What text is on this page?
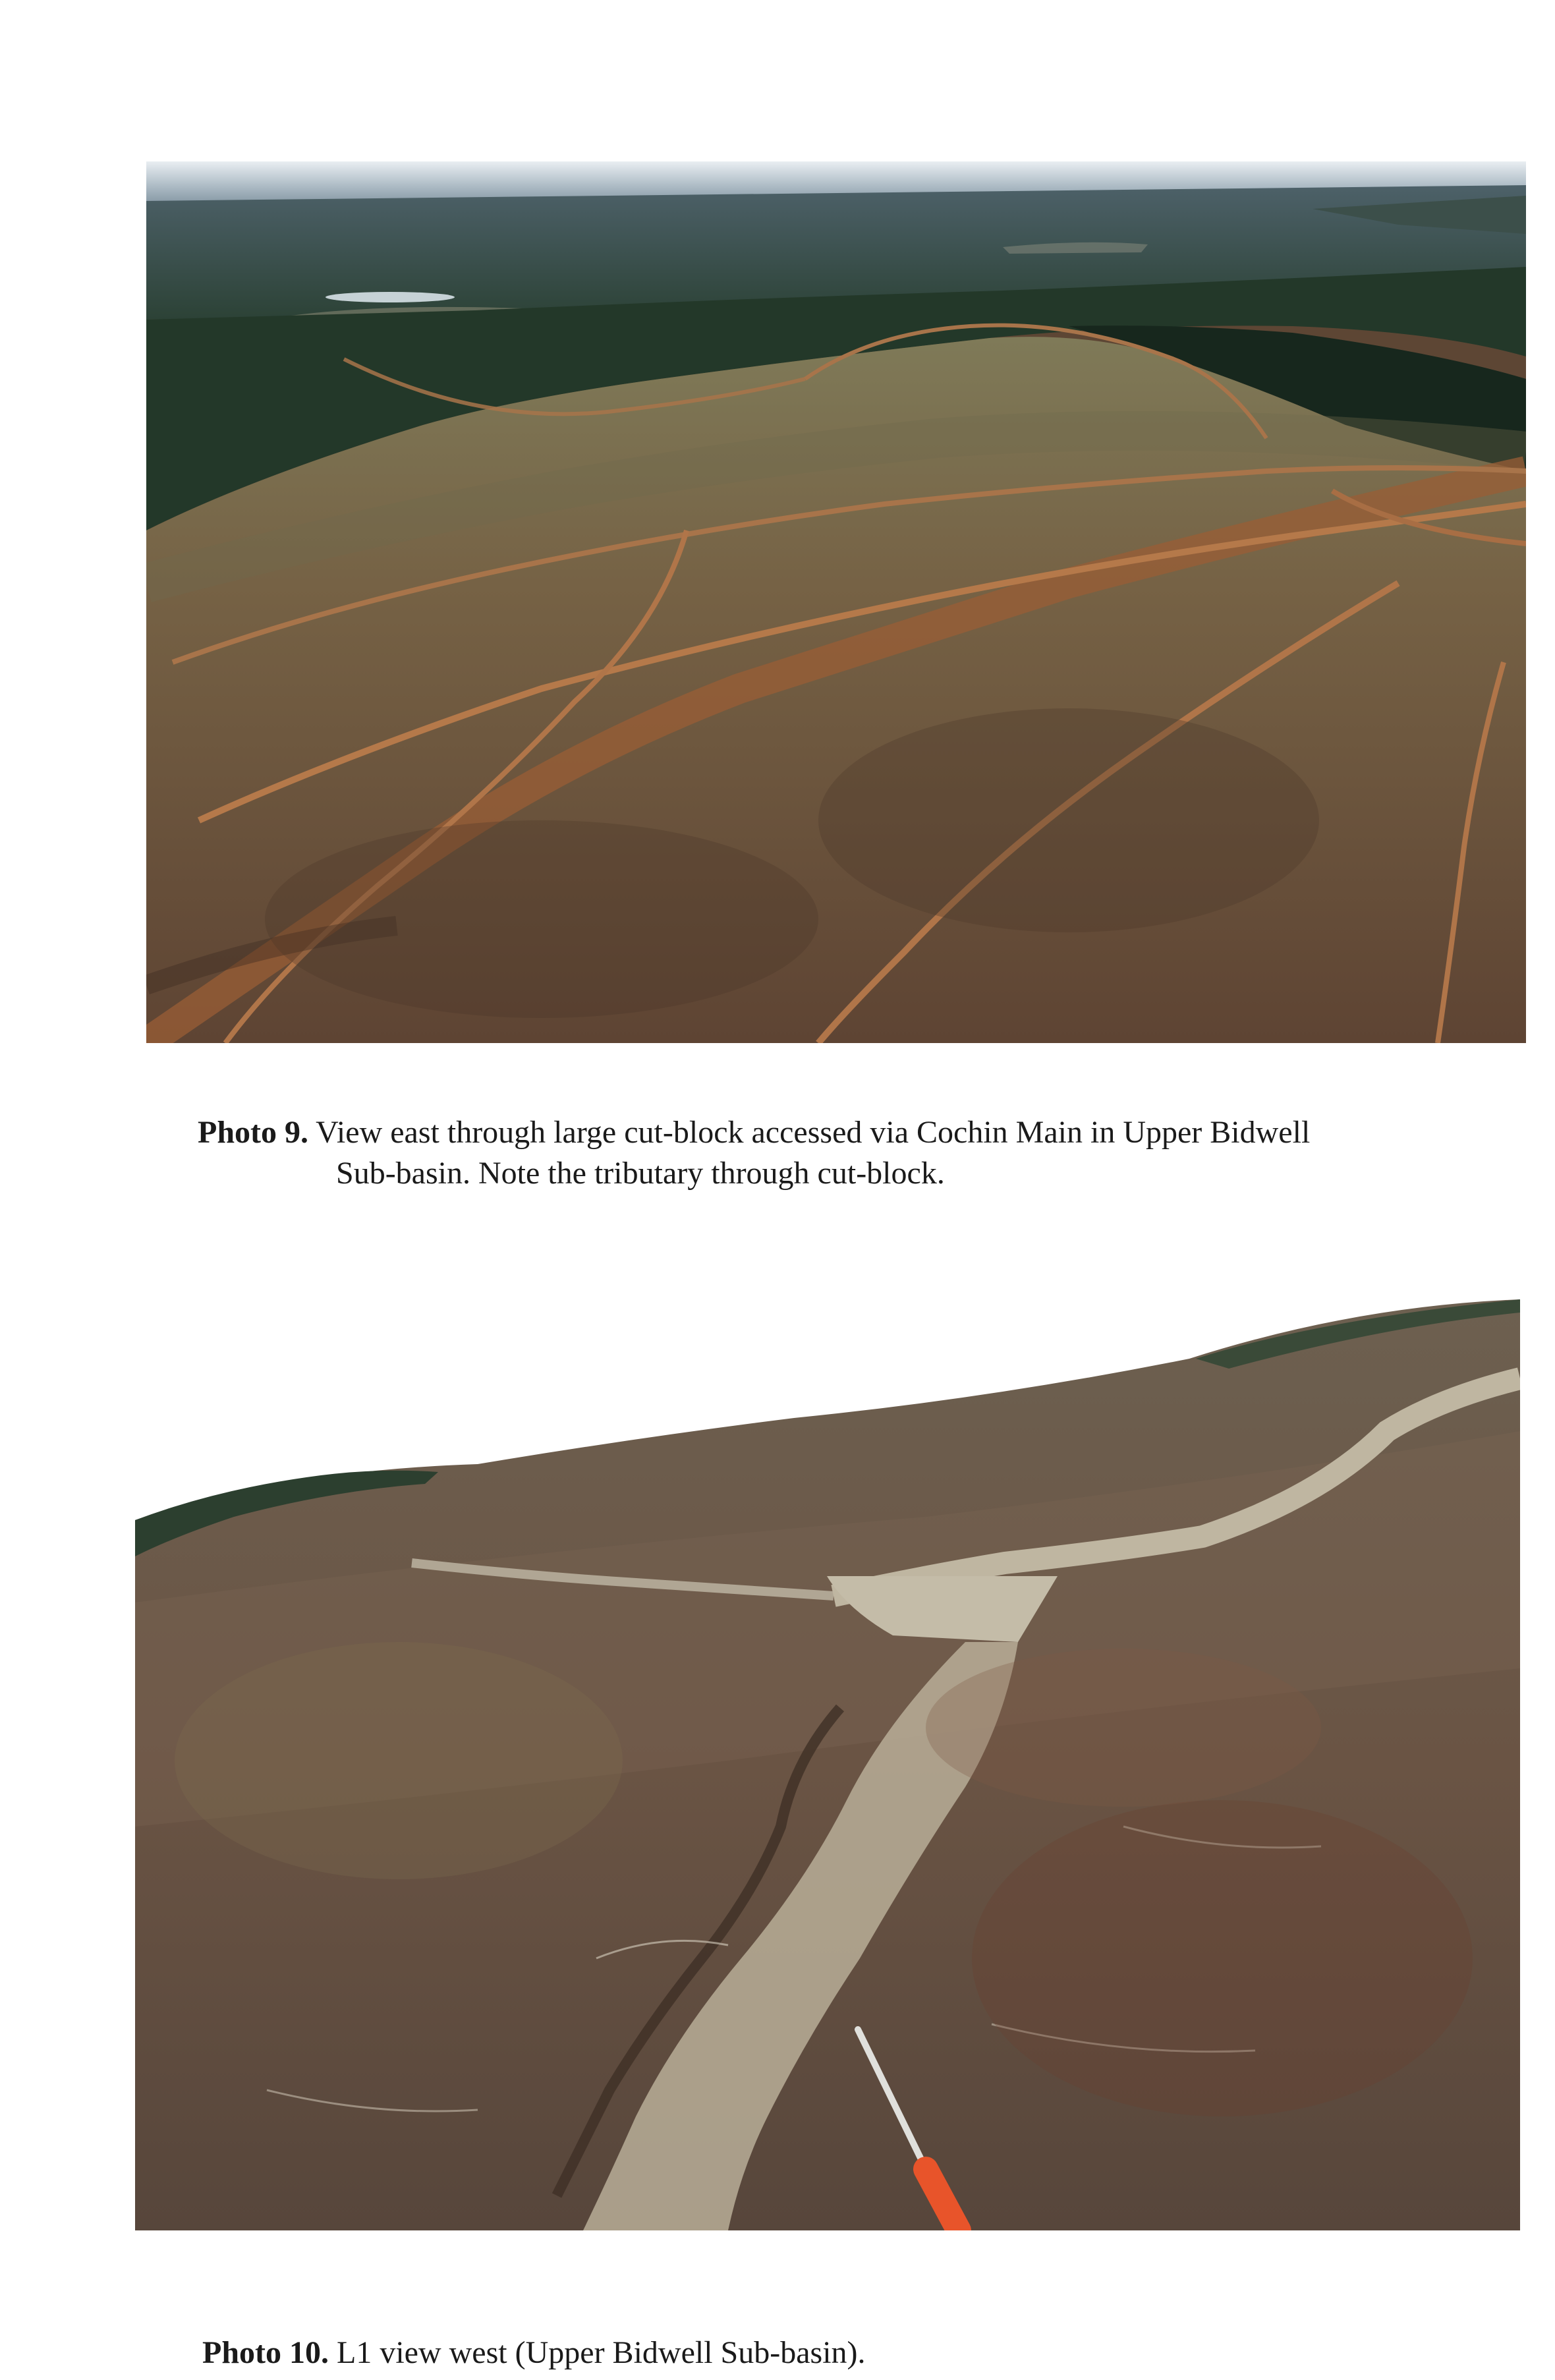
Photo 9. View east through large cut-block accessed via Cochin Main in Upper Bidwell
Sub-basin. Note the tributary through cut-block.
Photo 10. L1 view west (Upper Bidwell Sub-basin).
